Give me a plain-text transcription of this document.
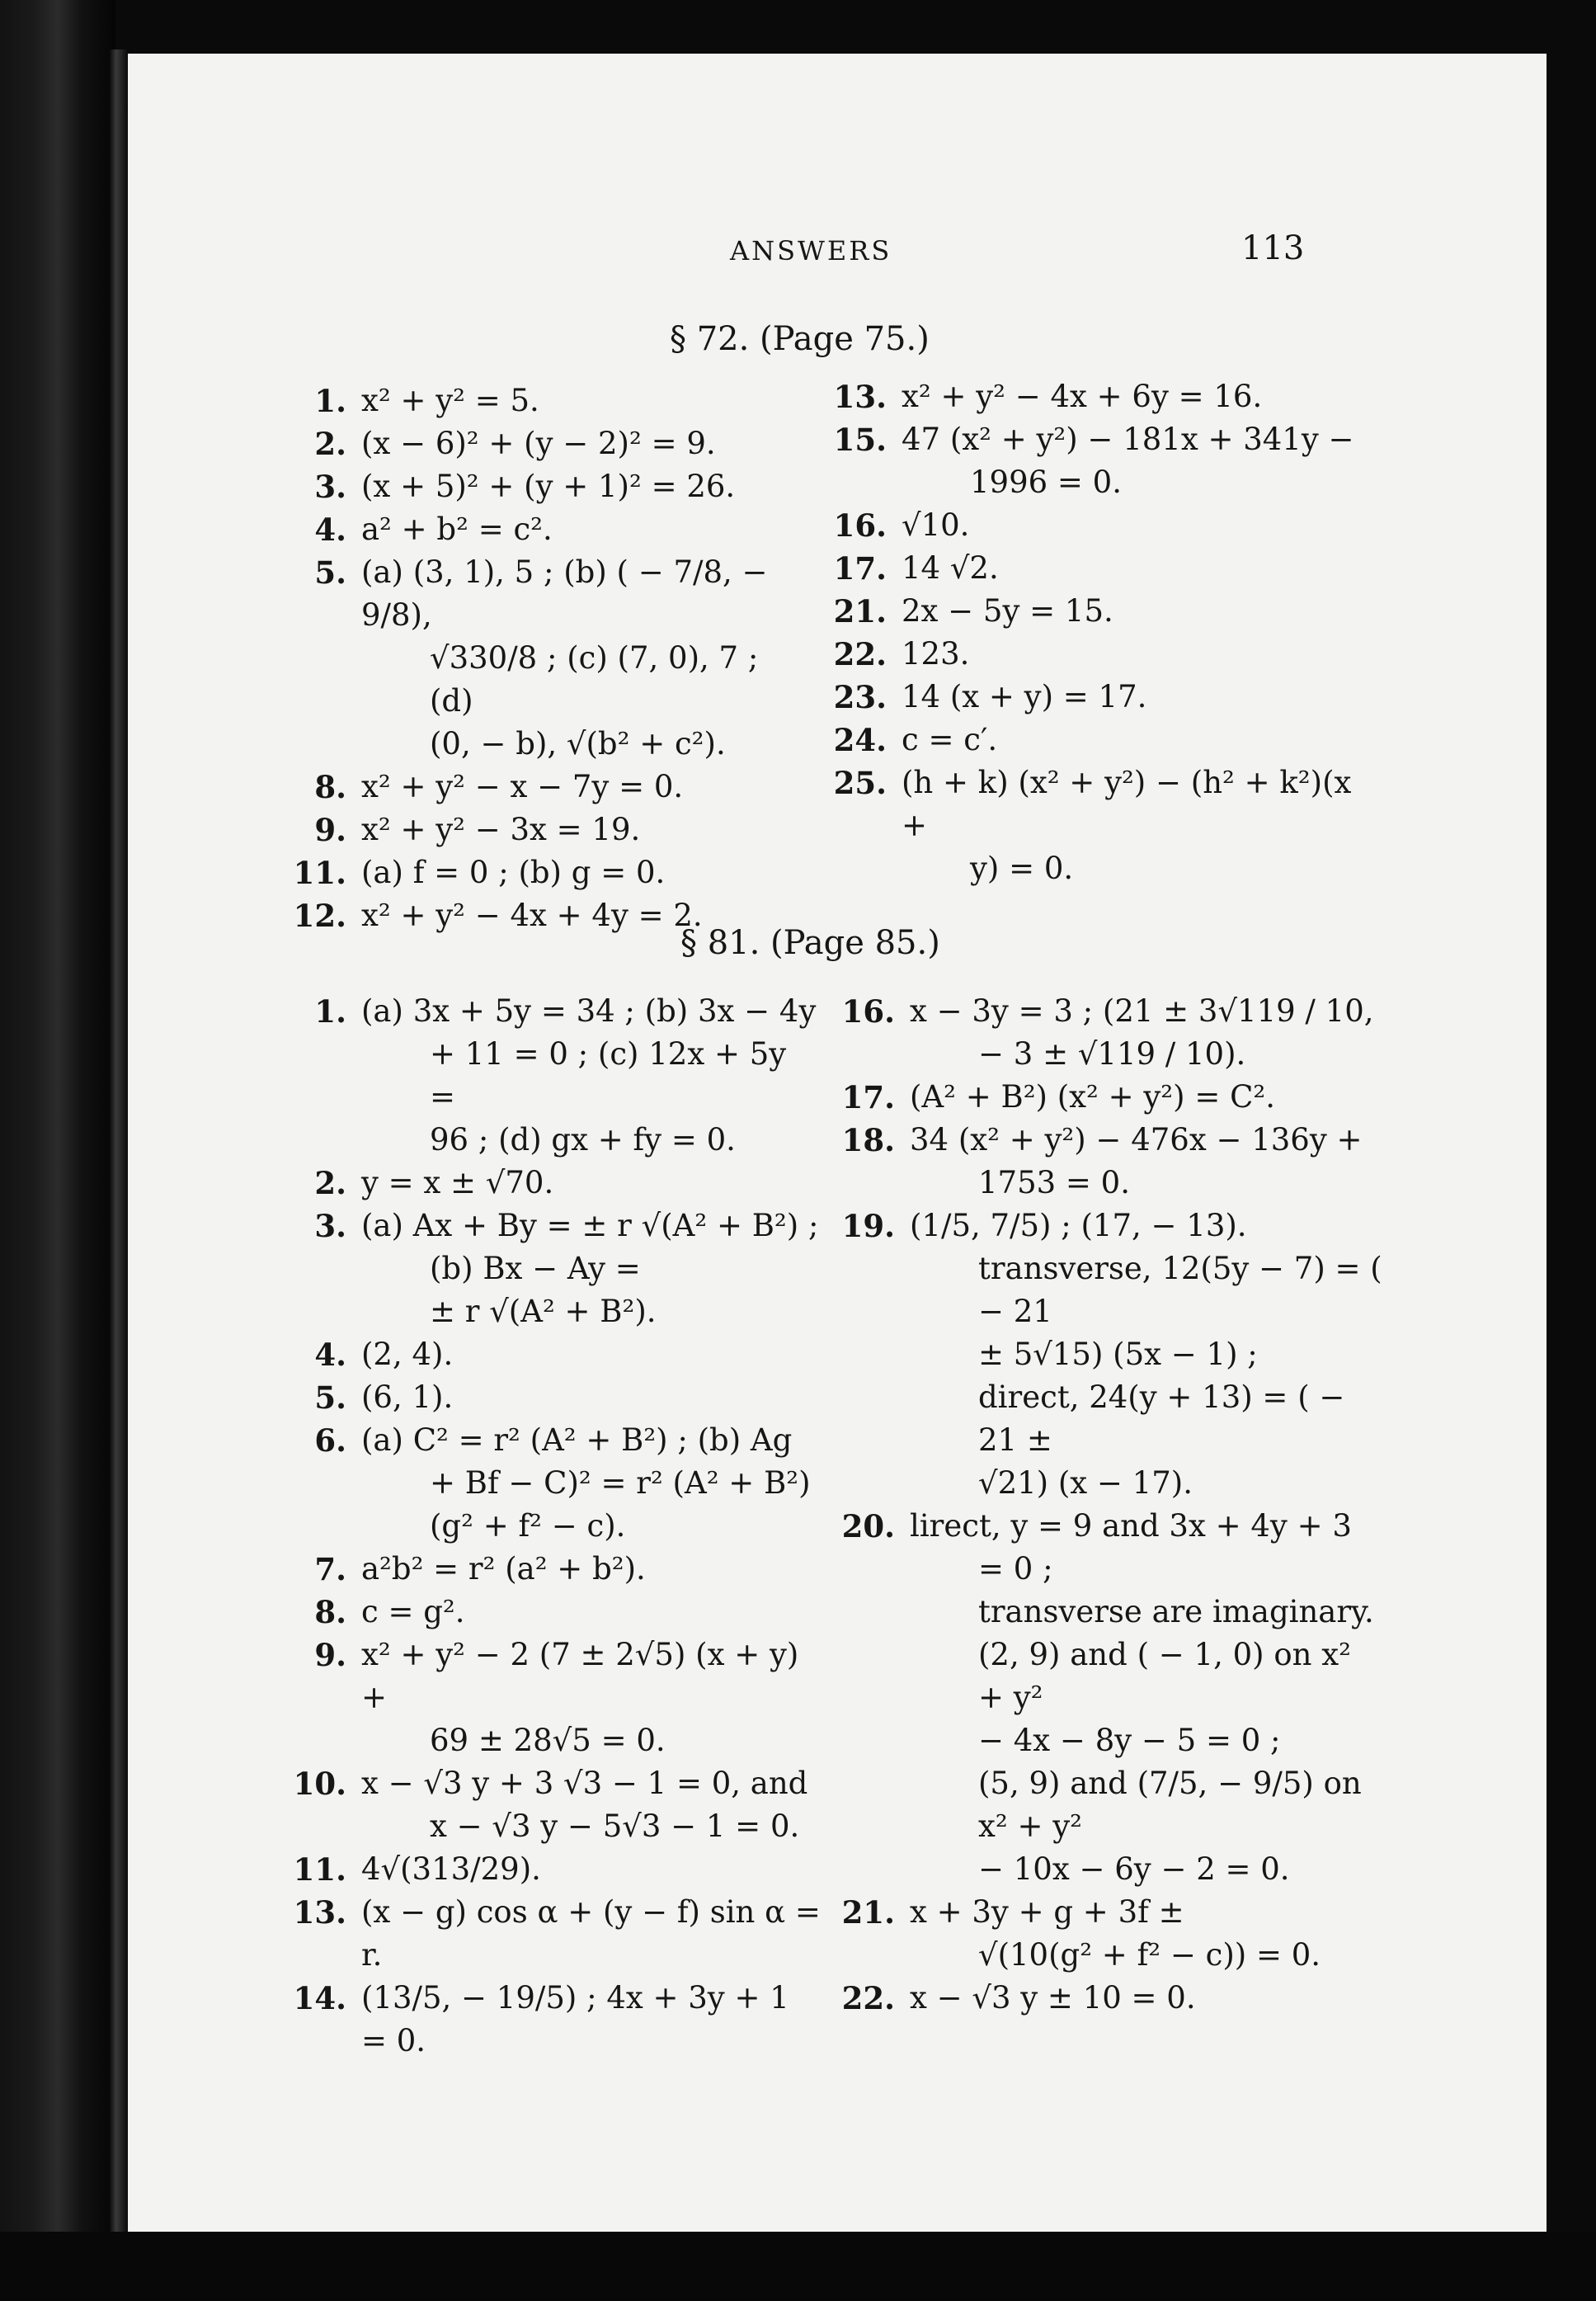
ANSWERS	113
§ 72. (Page 75.)
§ 81. (Page 85.)
1. x² + y² = 5.
2. (x − 6)² + (y − 2)² = 9.
3. (x + 5)² + (y + 1)² = 26.
4. a² + b² = c².
5. (a) (3, 1), 5 ; (b) ( − 7/8, − 9/8),
√330/8 ; (c) (7, 0), 7 ; (d)
(0, − b), √(b² + c²).
8. x² + y² − x − 7y = 0.
9. x² + y² − 3x = 19.
11. (a) f = 0 ; (b) g = 0.
12. x² + y² − 4x + 4y = 2.
13. x² + y² − 4x + 6y = 16.
15. 47 (x² + y²) − 181x + 341y −
1996 = 0.
16. √10.
17. 14 √2.
21. 2x − 5y = 15.
22. 123.
23. 14 (x + y) = 17.
24. c = c′.
25. (h + k) (x² + y²) − (h² + k²)(x +
y) = 0.
1. (a) 3x + 5y = 34 ; (b) 3x − 4y
+ 11 = 0 ; (c) 12x + 5y =
96 ; (d) gx + fy = 0.
2. y = x ± √70.
3. (a) Ax + By = ± r √(A² + B²) ;
(b) Bx − Ay =
± r √(A² + B²).
4. (2, 4).
5. (6, 1).
6. (a) C² = r² (A² + B²) ; (b) Ag
+ Bf − C)² = r² (A² + B²)
(g² + f² − c).
7. a²b² = r² (a² + b²).
8. c = g².
9. x² + y² − 2 (7 ± 2√5) (x + y) +
69 ± 28√5 = 0.
10. x − √3 y + 3 √3 − 1 = 0, and
x − √3 y − 5√3 − 1 = 0.
11. 4√(313/29).
13. (x − g) cos α + (y − f) sin α = r.
14. (13/5, − 19/5) ; 4x + 3y + 1 = 0.
16. x − 3y = 3 ; (21 ± 3√119 / 10,
− 3 ± √119 / 10).
17. (A² + B²) (x² + y²) = C².
18. 34 (x² + y²) − 476x − 136y +
1753 = 0.
19. (1/5, 7/5) ; (17, − 13).
transverse, 12(5y − 7) = ( − 21
± 5√15) (5x − 1) ;
direct, 24(y + 13) = ( − 21 ±
√21) (x − 17).
20. lirect, y = 9 and 3x + 4y + 3
= 0 ;
transverse are imaginary.
(2, 9) and ( − 1, 0) on x² + y²
− 4x − 8y − 5 = 0 ;
(5, 9) and (7/5, − 9/5) on x² + y²
− 10x − 6y − 2 = 0.
21. x + 3y + g + 3f ±
√(10(g² + f² − c)) = 0.
22. x − √3 y ± 10 = 0.
